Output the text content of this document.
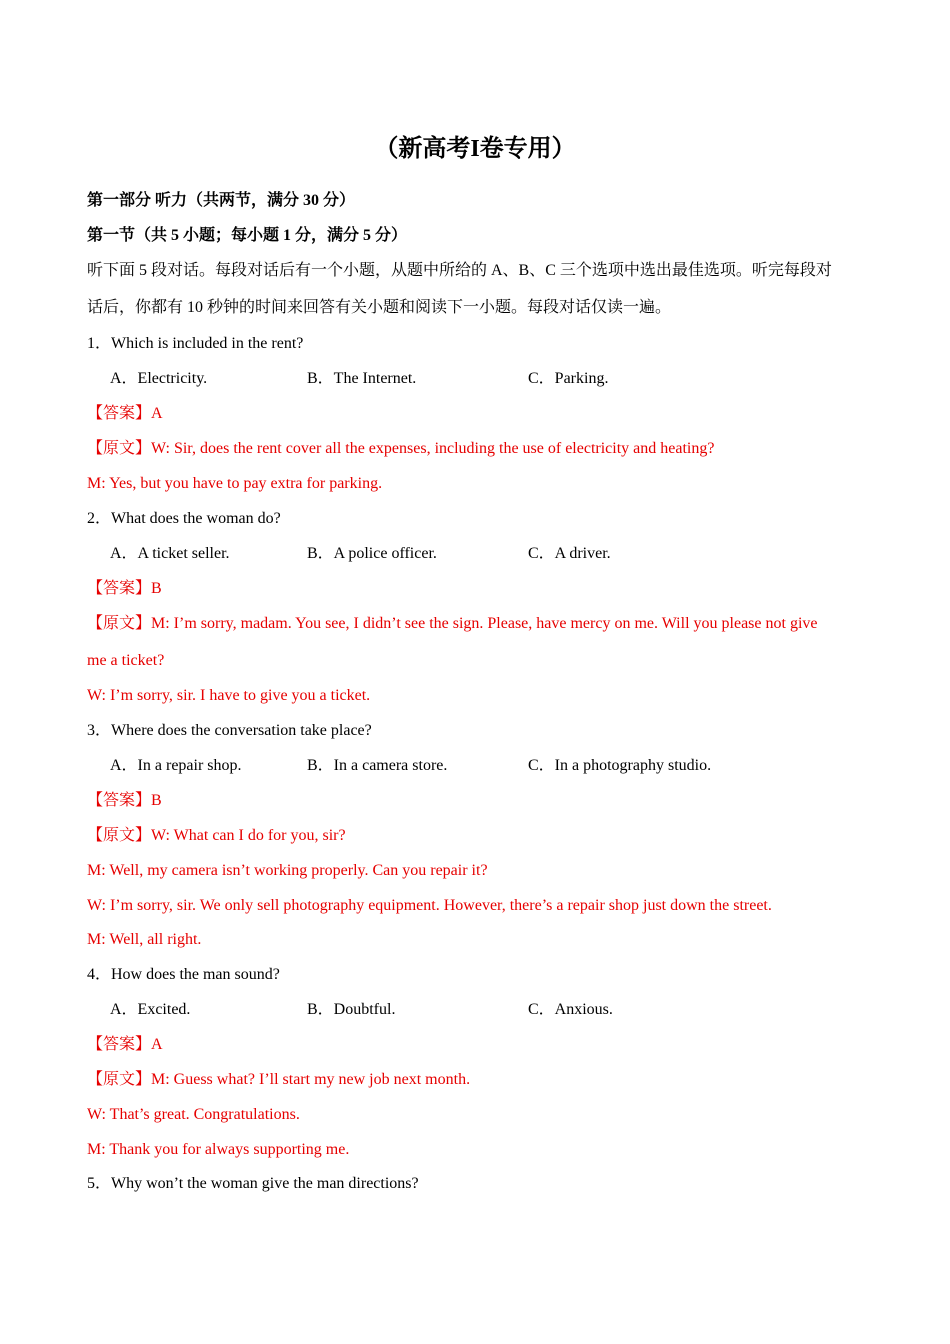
（新高考I卷专用）
第一部分 听力（共两节，满分 30 分）
第一节（共 5 小题；每小题 1 分，满分 5 分）
听下面 5 段对话。每段对话后有一个小题，从题中所给的 A、B、C 三个选项中选出最佳选项。听完每段对
话后，你都有 10 秒钟的时间来回答有关小题和阅读下一小题。每段对话仅读一遍。
1．Which is included in the rent?
A．Electricity.	B．The Internet.	C．Parking.
【答案】A
【原文】W: Sir, does the rent cover all the expenses, including the use of electricity and heating?
M: Yes, but you have to pay extra for parking.
2．What does the woman do?
A．A ticket seller.	B．A police officer.	C．A driver.
【答案】B
【原文】M: I’m sorry, madam. You see, I didn’t see the sign. Please, have mercy on me. Will you please not give
me a ticket?
W: I’m sorry, sir. I have to give you a ticket.
3．Where does the conversation take place?
A．In a repair shop.	B．In a camera store.	C．In a photography studio.
【答案】B
【原文】W: What can I do for you, sir?
M: Well, my camera isn’t working properly. Can you repair it?
W: I’m sorry, sir. We only sell photography equipment. However, there’s a repair shop just down the street.
M: Well, all right.
4．How does the man sound?
A．Excited.	B．Doubtful.	C．Anxious.
【答案】A
【原文】M: Guess what? I’ll start my new job next month.
W: That’s great. Congratulations.
M: Thank you for always supporting me.
5．Why won’t the woman give the man directions?
